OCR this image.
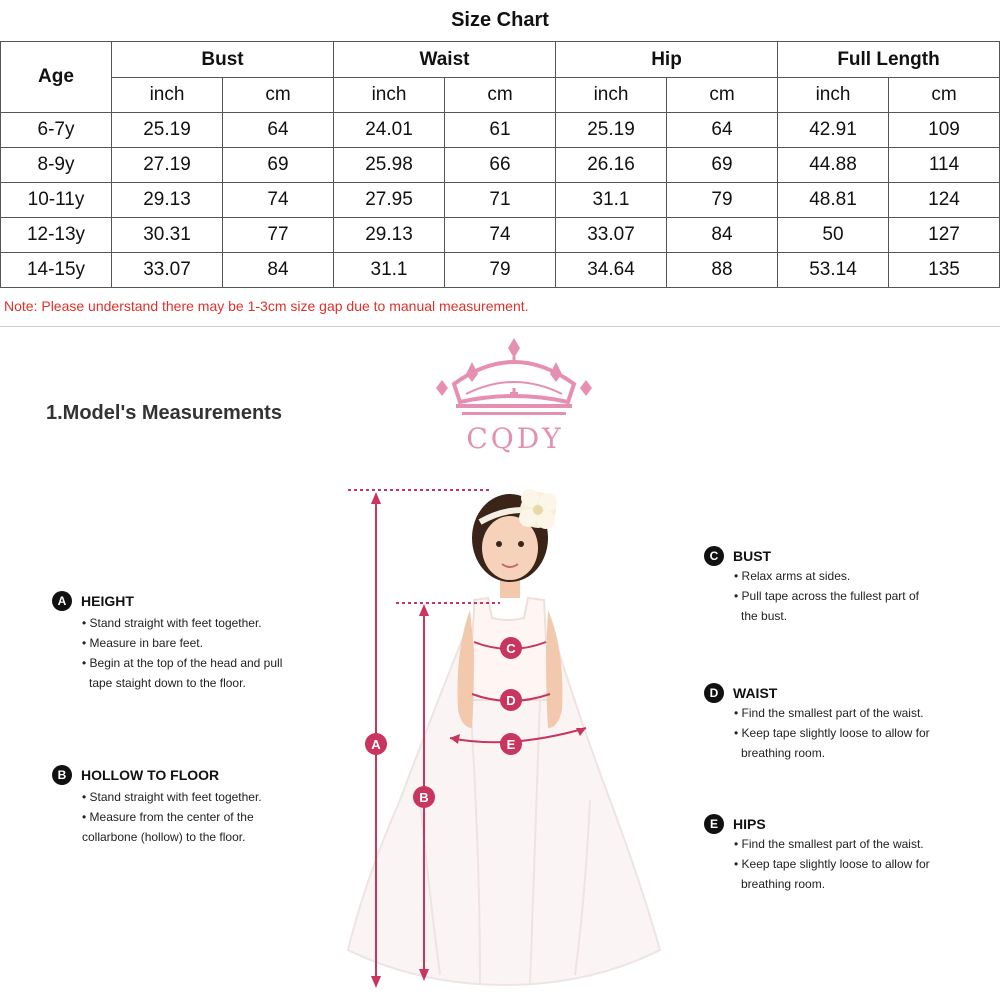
Size Chart								
Age	Bust		Waist		Hip		Full Length	
	inch	cm	inch	cm	inch	cm	inch	cm
6-7y	25.19	64	24.01	61	25.19	64	42.91	109
8-9y	27.19	69	25.98	66	26.16	69	44.88	114
10-11y	29.13	74	27.95	71	31.1	79	48.81	124
12-13y	30.31	77	29.13	74	33.07	84	50	127
14-15y	33.07	84	31.1	79	34.64	88	53.14	135
Note: Please understand there may be 1-3cm size gap due to manual measurement.
CQDY
1.Model's Measurements
A
B
C
D
E
A	HEIGHT
• Stand straight with feet together.
• Measure in bare feet.
• Begin at the top of the head and pull
tape staight down to the floor.
B	HOLLOW TO FLOOR
• Stand straight with feet together.
• Measure from the center of the
collarbone (hollow) to the floor.
C	BUST
• Relax arms at sides.
• Pull tape across the fullest part of
the bust.
D	WAIST
• Find the smallest part of the waist.
• Keep tape slightly loose to allow for
breathing room.
E	HIPS
• Find the smallest part of the waist.
• Keep tape slightly loose to allow for
breathing room.
